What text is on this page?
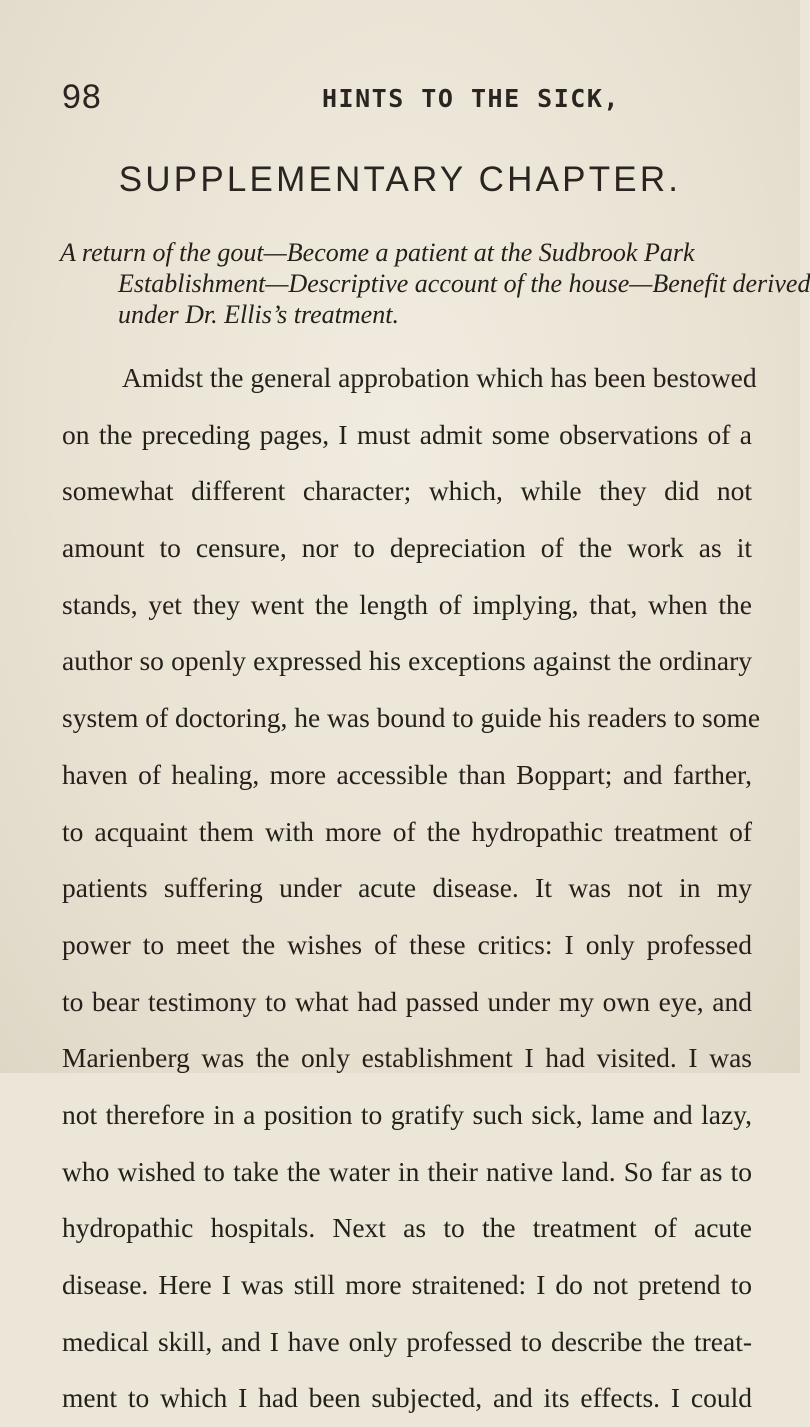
98	HINTS TO THE SICK,
SUPPLEMENTARY CHAPTER.

A return of the gout—Become a patient at the Sudbrook Park
Establishment—Descriptive account of the house—Benefit derived
under Dr. Ellis’s treatment.

Amidst the general approbation which has been bestowed
on the preceding pages, I must admit some observations of a
somewhat different character; which, while they did not
amount to censure, nor to depreciation of the work as it
stands, yet they went the length of implying, that, when the
author so openly expressed his exceptions against the ordinary
system of doctoring, he was bound to guide his readers to some
haven of healing, more accessible than Boppart; and farther,
to acquaint them with more of the hydropathic treatment of
patients suffering under acute disease. It was not in my
power to meet the wishes of these critics: I only professed
to bear testimony to what had passed under my own eye, and
Marienberg was the only establishment I had visited. I was
not therefore in a position to gratify such sick, lame and lazy,
who wished to take the water in their native land. So far as to
hydropathic hospitals. Next as to the treatment of acute
disease. Here I was still more straitened: I do not pretend to
medical skill, and I have only professed to describe the treat-
ment to which I had been subjected, and its effects. I could
